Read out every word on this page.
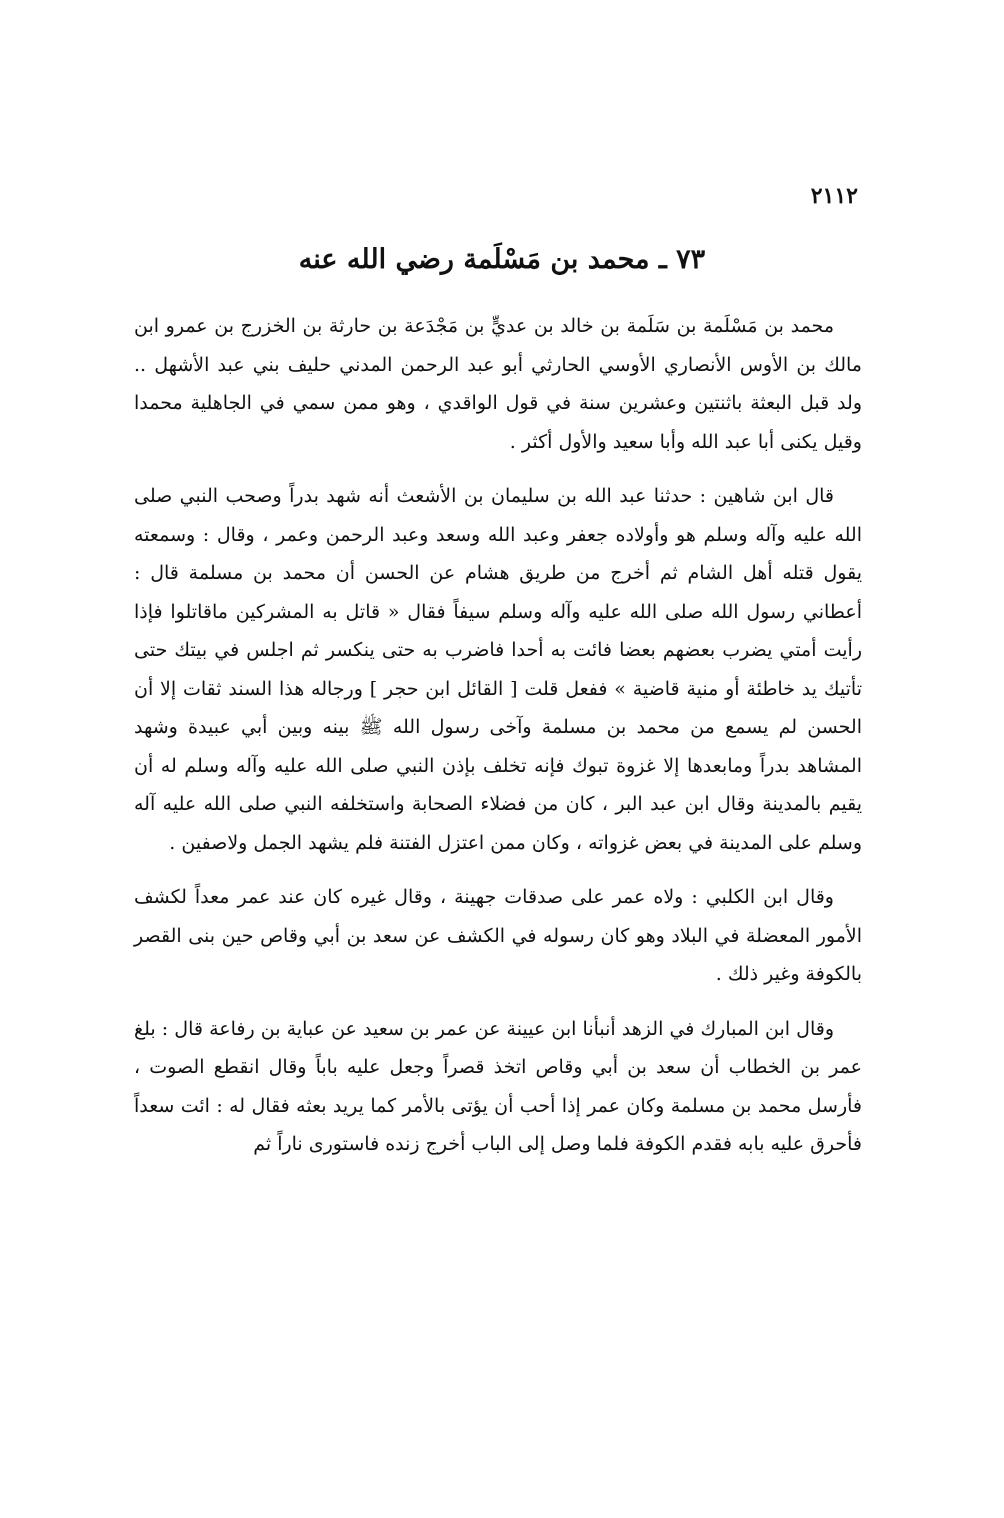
٢١١٢
٧٣ ـ محمد بن مَسْلَمة رضي الله عنه

محمد بن مَسْلَمة بن سَلَمة بن خالد بن عديٍّ بن مَجْدَعة بن حارثة بن الخزرج بن عمرو ابن مالك بن الأوس الأنصاري الأوسي الحارثي أبو عبد الرحمن المدني حليف بني عبد الأشهل .. ولد قبل البعثة باثنتين وعشرين سنة في قول الواقدي ، وهو ممن سمي في الجاهلية محمدا وقيل يكنى أبا عبد الله وأبا سعيد والأول أكثر .

قال ابن شاهين : حدثنا عبد الله بن سليمان بن الأشعث أنه شهد بدراً وصحب النبي صلى الله عليه وآله وسلم هو وأولاده جعفر وعبد الله وسعد وعبد الرحمن وعمر ، وقال : وسمعته يقول قتله أهل الشام ثم أخرج من طريق هشام عن الحسن أن محمد بن مسلمة قال : أعطاني رسول الله صلى الله عليه وآله وسلم سيفاً فقال « قاتل به المشركين ماقاتلوا فإذا رأيت أمتي يضرب بعضهم بعضا فائت به أحدا فاضرب به حتى ينكسر ثم اجلس في بيتك حتى تأتيك يد خاطئة أو منية قاضية » ففعل قلت [ القائل ابن حجر ] ورجاله هذا السند ثقات إلا أن الحسن لم يسمع من محمد بن مسلمة وآخى رسول الله ﷺ بينه وبين أبي عبيدة وشهد المشاهد بدراً ومابعدها إلا غزوة تبوك فإنه تخلف بإذن النبي صلى الله عليه وآله وسلم له أن يقيم بالمدينة وقال ابن عبد البر ، كان من فضلاء الصحابة واستخلفه النبي صلى الله عليه آله وسلم على المدينة في بعض غزواته ، وكان ممن اعتزل الفتنة فلم يشهد الجمل ولاصفين .

وقال ابن الكلبي : ولاه عمر على صدقات جهينة ، وقال غيره كان عند عمر معداً لكشف الأمور المعضلة في البلاد وهو كان رسوله في الكشف عن سعد بن أبي وقاص حين بنى القصر بالكوفة وغير ذلك .

وقال ابن المبارك في الزهد أنبأنا ابن عيينة عن عمر بن سعيد عن عباية بن رفاعة قال : بلغ عمر بن الخطاب أن سعد بن أبي وقاص اتخذ قصراً وجعل عليه باباً وقال انقطع الصوت ، فأرسل محمد بن مسلمة وكان عمر إذا أحب أن يؤتى بالأمر كما يريد بعثه فقال له : ائت سعداً فأحرق عليه بابه فقدم الكوفة فلما وصل إلى الباب أخرج زنده فاستورى ناراً ثم
